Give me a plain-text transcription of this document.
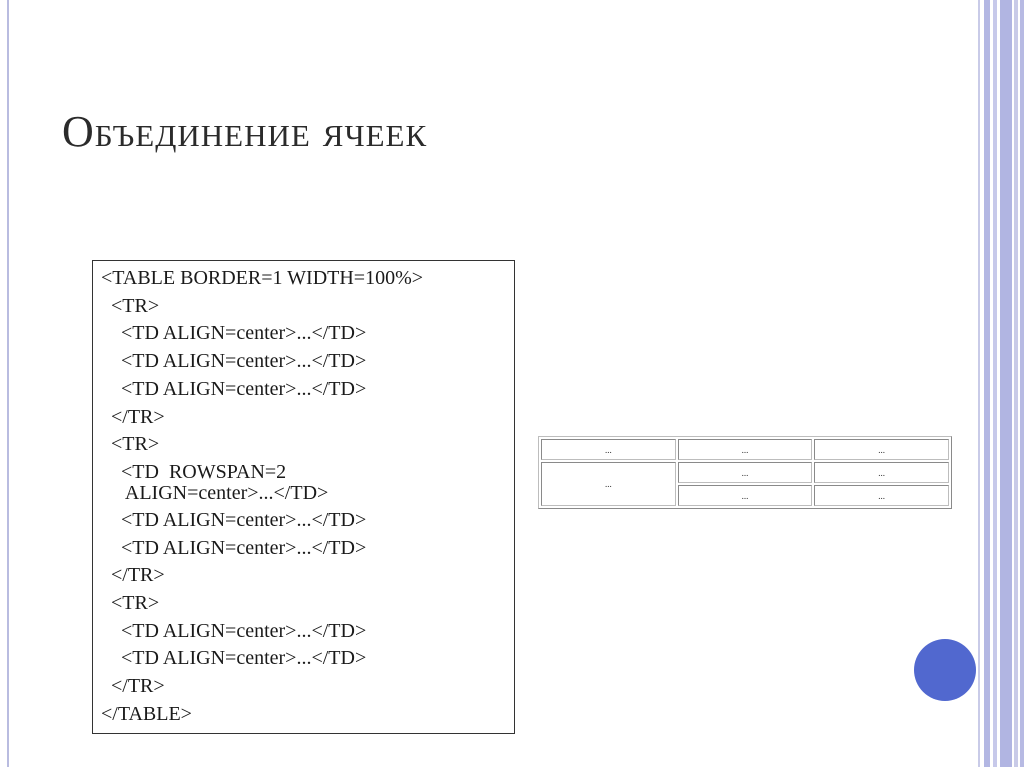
Объединение ячеек
<TABLE BORDER=1 WIDTH=100%>
<TR>
<TD ALIGN=center>...</TD>
<TD ALIGN=center>...</TD>
<TD ALIGN=center>...</TD>
</TR>
<TR>
<TD  ROWSPAN=2
ALIGN=center>...</TD>
<TD ALIGN=center>...</TD>
<TD ALIGN=center>...</TD>
</TR>
<TR>
<TD ALIGN=center>...</TD>
<TD ALIGN=center>...</TD>
</TR>
</TABLE>
...	...	...
...	...	...
	...	...
